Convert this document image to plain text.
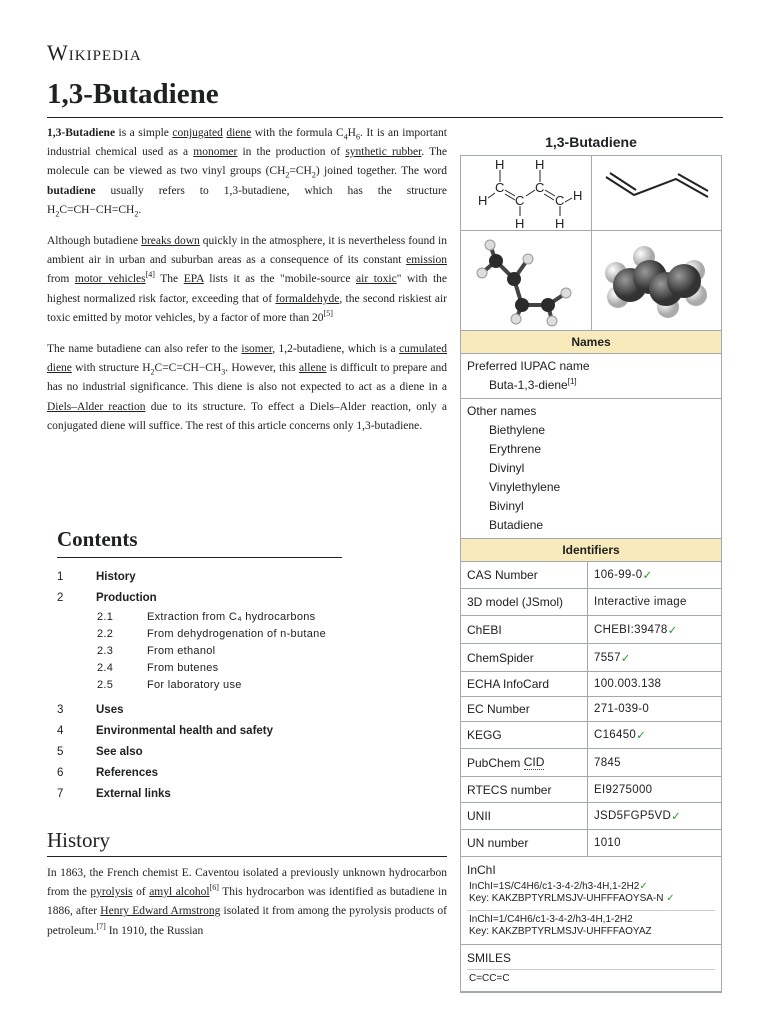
Wikipedia
1,3-Butadiene

1,3-Butadiene is a simple conjugated diene with the formula $C_4H_6$. It is an important industrial chemical used as a monomer in the production of synthetic rubber. The molecule can be viewed as two vinyl groups $(CH_2=CH_2)$ joined together. The word butadiene usually refers to 1,3-butadiene, which has the structure $H_2C=CH-CH=CH_2$.

Although butadiene breaks down quickly in the atmosphere, it is nevertheless found in ambient air in urban and suburban areas as a consequence of its constant emission from motor vehicles[4] The EPA lists it as the "mobile-source air toxic" with the highest normalized risk factor, exceeding that of formaldehyde, the second riskiest air toxic emitted by motor vehicles, by a factor of more than 20[5]

The name butadiene can also refer to the isomer, 1,2-butadiene, which is a cumulated diene with structure $H_2C=C=CH-CH_3$. However, this allene is difficult to prepare and has no industrial significance. This diene is also not expected to act as a diene in a Diels–Alder reaction due to its structure. To effect a Diels–Alder reaction, only a conjugated diene will suffice. The rest of this article concerns only 1,3-butadiene.

Contents
1	History
2	Production
2.1	Extraction from C₄ hydrocarbons
2.2	From dehydrogenation of n-butane
2.3	From ethanol
2.4	From butenes
2.5	For laboratory use
3	Uses
4	Environmental health and safety
5	See also
6	References
7	External links
History

In 1863, the French chemist E. Caventou isolated a previously unknown hydrocarbon from the pyrolysis of amyl alcohol[6] This hydrocarbon was identified as butadiene in 1886, after Henry Edward Armstrong isolated it from among the pyrolysis products of petroleum.[7] In 1910, the Russian

1,3-Butadiene
H H
H
C C
H
C C
H H
Names
Preferred IUPAC name
Buta-1,3-diene[1]
Other names
Biethylene
Erythrene
Divinyl
Vinylethylene
Bivinyl
Butadiene
Identifiers
CAS Number	106-99-0 ✓
3D model (JSmol)	Interactive image
ChEBI	CHEBI:39478 ✓
ChemSpider	7557 ✓
ECHA InfoCard	100.003.138
EC Number	271-039-0
KEGG	C16450 ✓
PubChem CID	7845
RTECS number	EI9275000
UNII	JSD5FGP5VD ✓
UN number	1010
InChI
InChI=1S/C4H6/c1-3-4-2/h3-4H,1-2H2✓
Key: KAKZBPTYRLMSJV-UHFFFAOYSA-N ✓
InChI=1/C4H6/c1-3-4-2/h3-4H,1-2H2
Key: KAKZBPTYRLMSJV-UHFFFAOYAZ
SMILES
C=CC=C
